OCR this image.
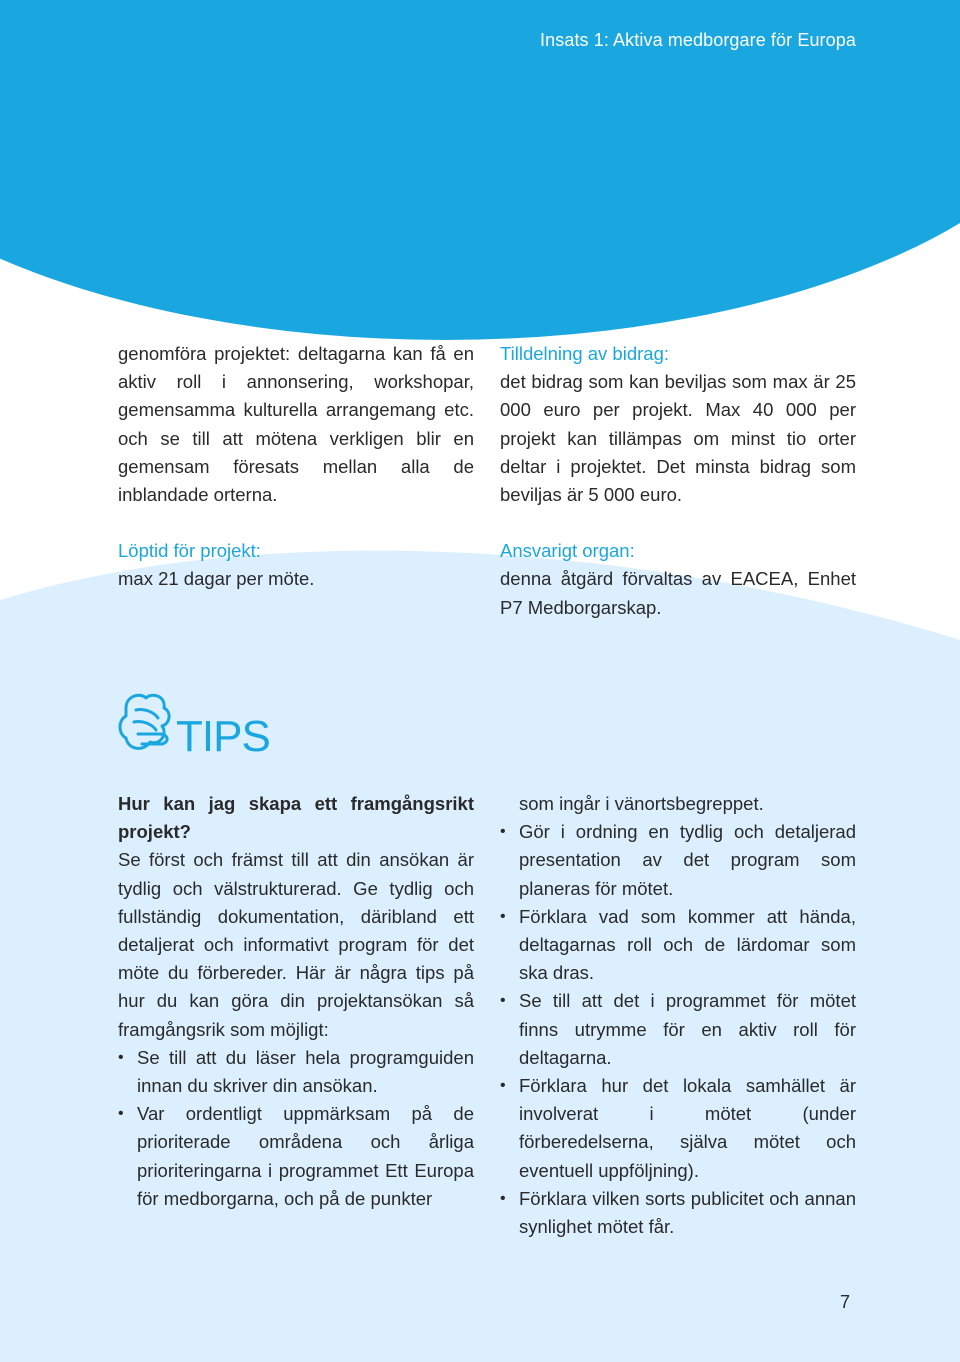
Insats 1: Aktiva medborgare för Europa

genomföra projektet: deltagarna kan få en aktiv roll i annonsering, workshopar, gemensamma kulturella arrangemang etc. och se till att mötena verkligen blir en gemensam föresats mellan alla de inblandade orterna.

Löptid för projekt:

max 21 dagar per möte.

Tilldelning av bidrag:

det bidrag som kan beviljas som max är 25 000 euro per projekt. Max 40 000 per projekt kan tillämpas om minst tio orter deltar i projektet. Det minsta bidrag som beviljas är 5 000 euro.

Ansvarigt organ:

denna åtgärd förvaltas av EACEA, Enhet P7 Medborgarskap.

TIPS

Hur kan jag skapa ett framgångsrikt projekt?

Se först och främst till att din ansökan är tydlig och välstrukturerad. Ge tydlig och fullständig dokumentation, däribland ett detaljerat och informativt program för det möte du förbereder. Här är några tips på hur du kan göra din projektansökan så framgångsrik som möjligt:

• Se till att du läser hela programguiden innan du skriver din ansökan.
• Var ordentligt uppmärksam på de prioriterade områdena och årliga prioriteringarna i programmet Ett Europa för medborgarna, och på de punkter
som ingår i vänortsbegreppet.
• Gör i ordning en tydlig och detaljerad presentation av det program som planeras för mötet.
• Förklara vad som kommer att hända, deltagarnas roll och de lärdomar som ska dras.
• Se till att det i programmet för mötet finns utrymme för en aktiv roll för deltagarna.
• Förklara hur det lokala samhället är involverat i mötet (under förberedelserna, själva mötet och eventuell uppföljning).
• Förklara vilken sorts publicitet och annan synlighet mötet får.
7
